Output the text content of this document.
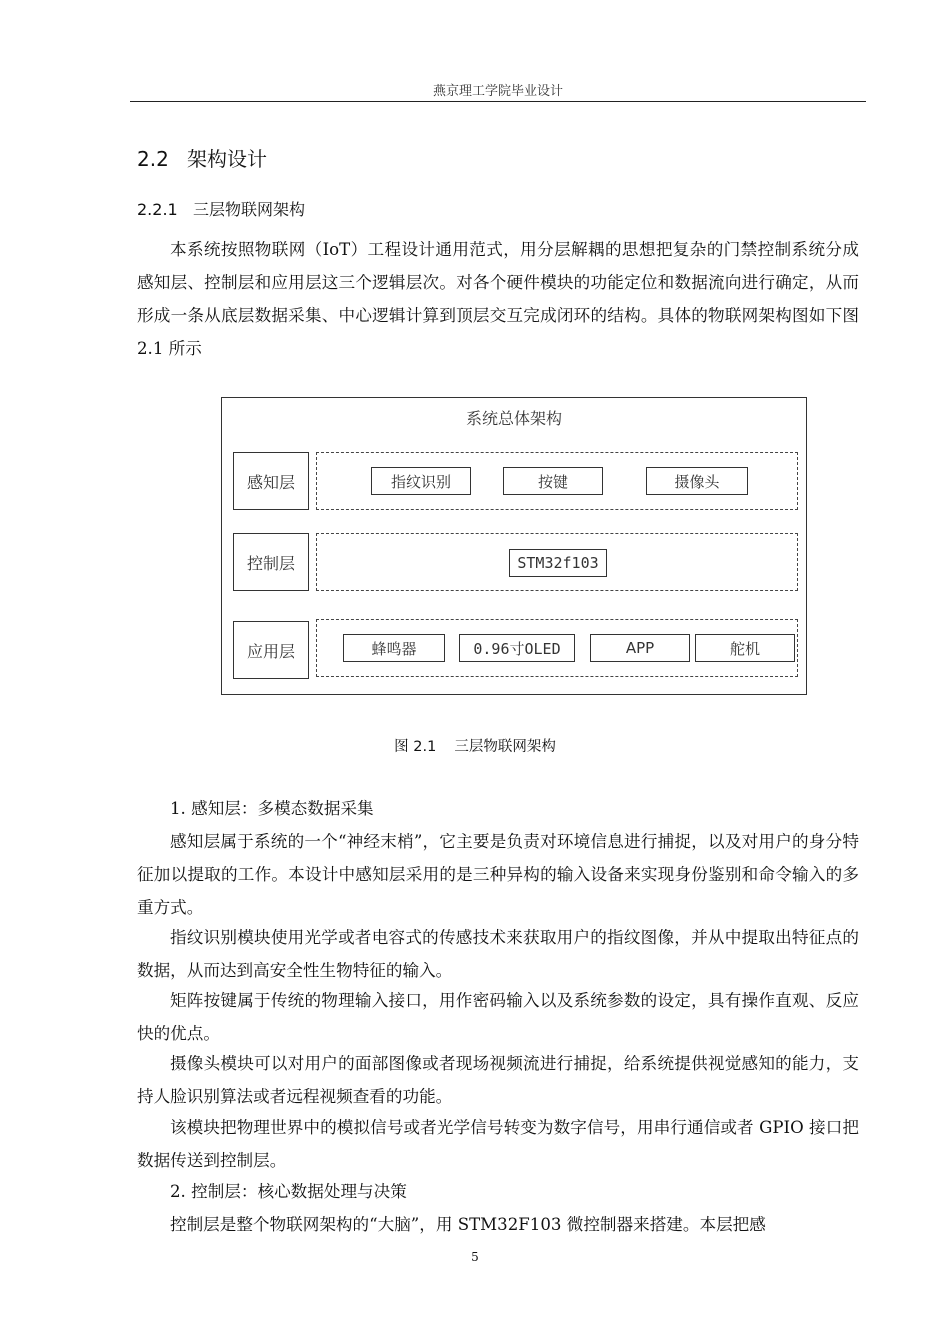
燕京理工学院毕业设计
2.2 架构设计
2.2.1 三层物联网架构

本系统按照物联网（IoT）工程设计通用范式，用分层解耦的思想把复杂的门禁控制系统分成感知层、控制层和应用层这三个逻辑层次。对各个硬件模块的功能定位和数据流向进行确定，从而形成一条从底层数据采集、中心逻辑计算到顶层交互完成闭环的结构。具体的物联网架构图如下图 2.1 所示

系统总体架构
感知层	指纹识别	按键	摄像头
控制层	STM32f103
应用层	蜂鸣器	0.96寸OLED	APP	舵机
图 2.1 三层物联网架构

1. 感知层：多模态数据采集

感知层属于系统的一个“神经末梢”，它主要是负责对环境信息进行捕捉，以及对用户的身分特征加以提取的工作。本设计中感知层采用的是三种异构的输入设备来实现身份鉴别和命令输入的多重方式。

指纹识别模块使用光学或者电容式的传感技术来获取用户的指纹图像，并从中提取出特征点的数据，从而达到高安全性生物特征的输入。

矩阵按键属于传统的物理输入接口，用作密码输入以及系统参数的设定，具有操作直观、反应快的优点。

摄像头模块可以对用户的面部图像或者现场视频流进行捕捉，给系统提供视觉感知的能力，支持人脸识别算法或者远程视频查看的功能。

该模块把物理世界中的模拟信号或者光学信号转变为数字信号，用串行通信或者 GPIO 接口把数据传送到控制层。

2. 控制层：核心数据处理与决策

控制层是整个物联网架构的“大脑”，用 STM32F103 微控制器来搭建。本层把感

5
